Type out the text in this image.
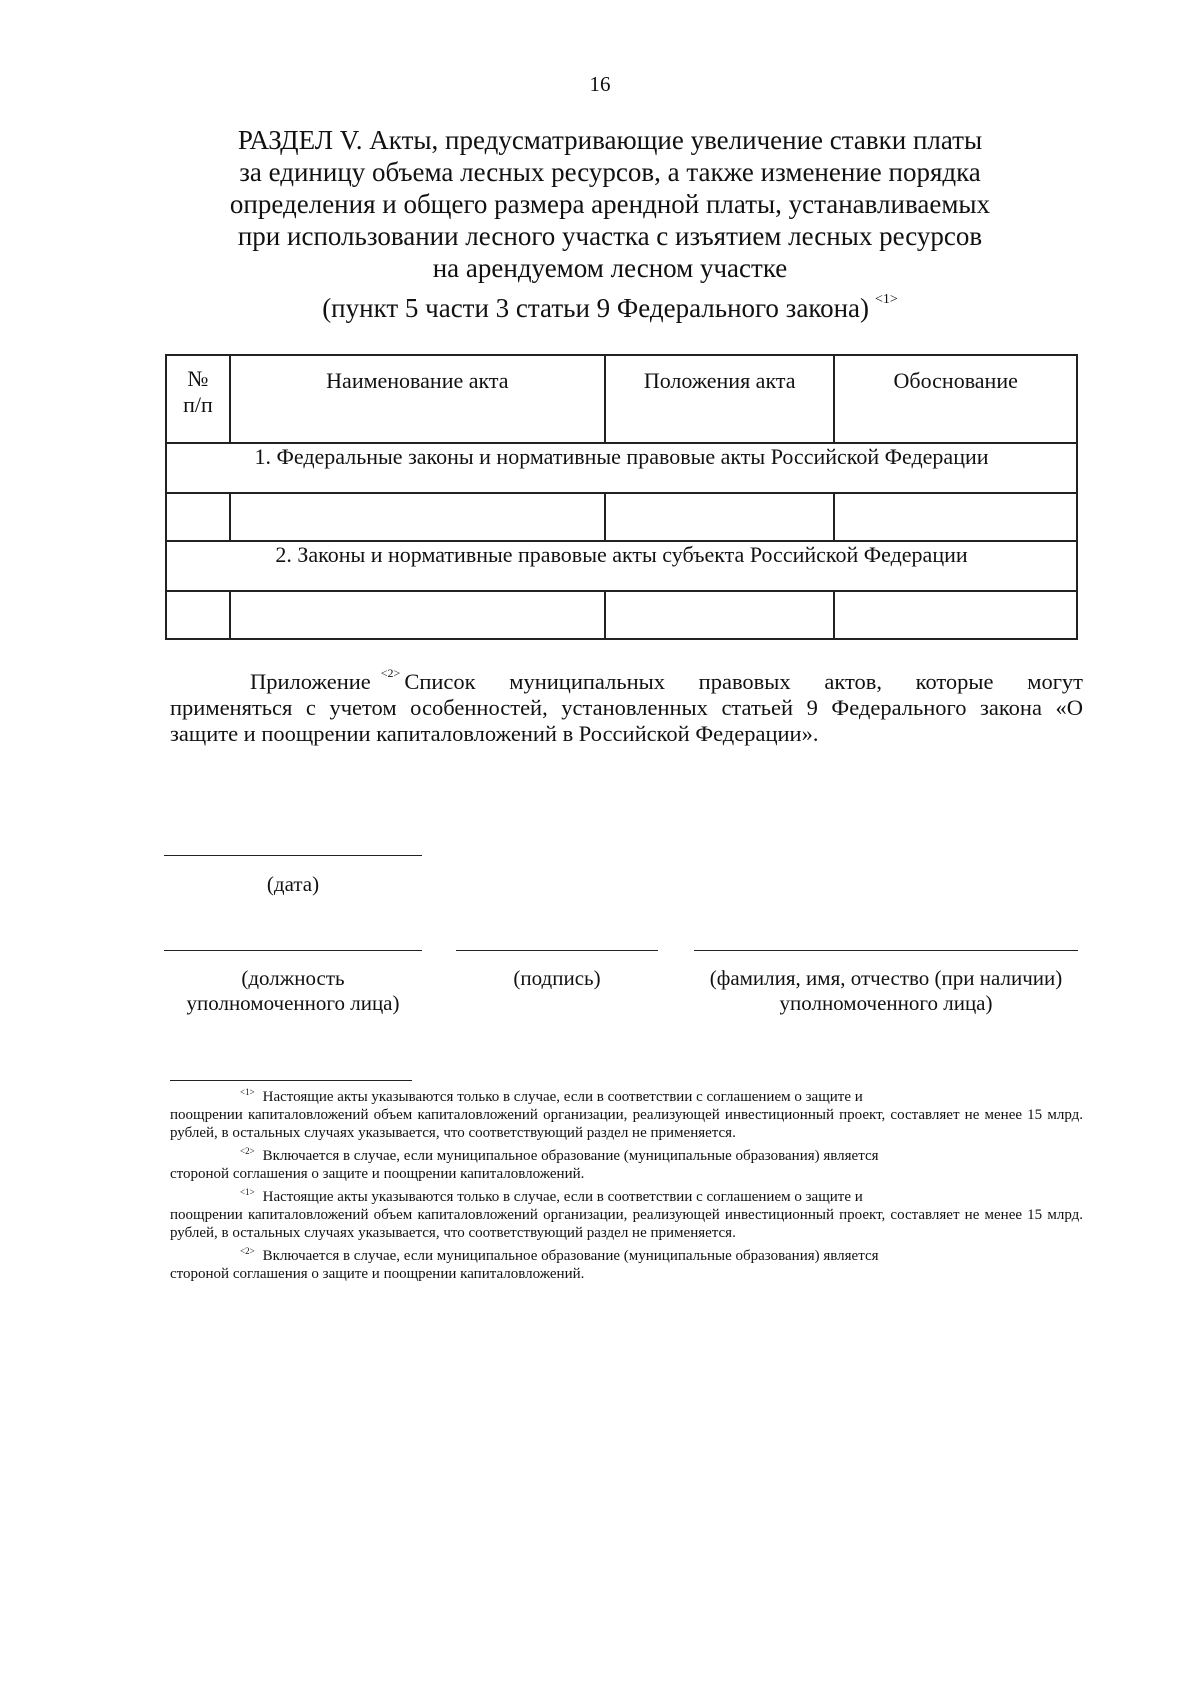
16
РАЗДЕЛ V. Акты, предусматривающие увеличение ставки платы
за единицу объема лесных ресурсов, а также изменение порядка
определения и общего размера арендной платы, устанавливаемых
при использовании лесного участка с изъятием лесных ресурсов
на арендуемом лесном участке
(пункт 5 части 3 статьи 9 Федерального закона) $^{<1>}$
№
п/п	Наименование акта	Положения акта	Обоснование
1. Федеральные законы и нормативные правовые акты Российской Федерации			

2. Законы и нормативные правовые акты субъекта Российской Федерации			

Приложение $^{<2>}$ Список муниципальных правовых актов, которые могут
применяться с учетом особенностей, установленных статьей 9 Федерального закона «О
защите и поощрении капиталовложений в Российской Федерации».
(дата)
(должность
уполномоченного лица)
(подпись)	(фамилия, имя, отчество (при наличии)
уполномоченного лица)
$^{<1>}$ Настоящие акты указываются только в случае, если в соответствии с соглашением о защите и
поощрении капиталовложений объем капиталовложений организации, реализующей инвестиционный проект, составляет не менее 15 млрд. рублей, в остальных случаях указывается, что соответствующий раздел не применяется.
$^{<2>}$ Включается в случае, если муниципальное образование (муниципальные образования) является
стороной соглашения о защите и поощрении капиталовложений.
$^{<1>}$ Настоящие акты указываются только в случае, если в соответствии с соглашением о защите и
поощрении капиталовложений объем капиталовложений организации, реализующей инвестиционный проект, составляет не менее 15 млрд. рублей, в остальных случаях указывается, что соответствующий раздел не применяется.
$^{<2>}$ Включается в случае, если муниципальное образование (муниципальные образования) является
стороной соглашения о защите и поощрении капиталовложений.
